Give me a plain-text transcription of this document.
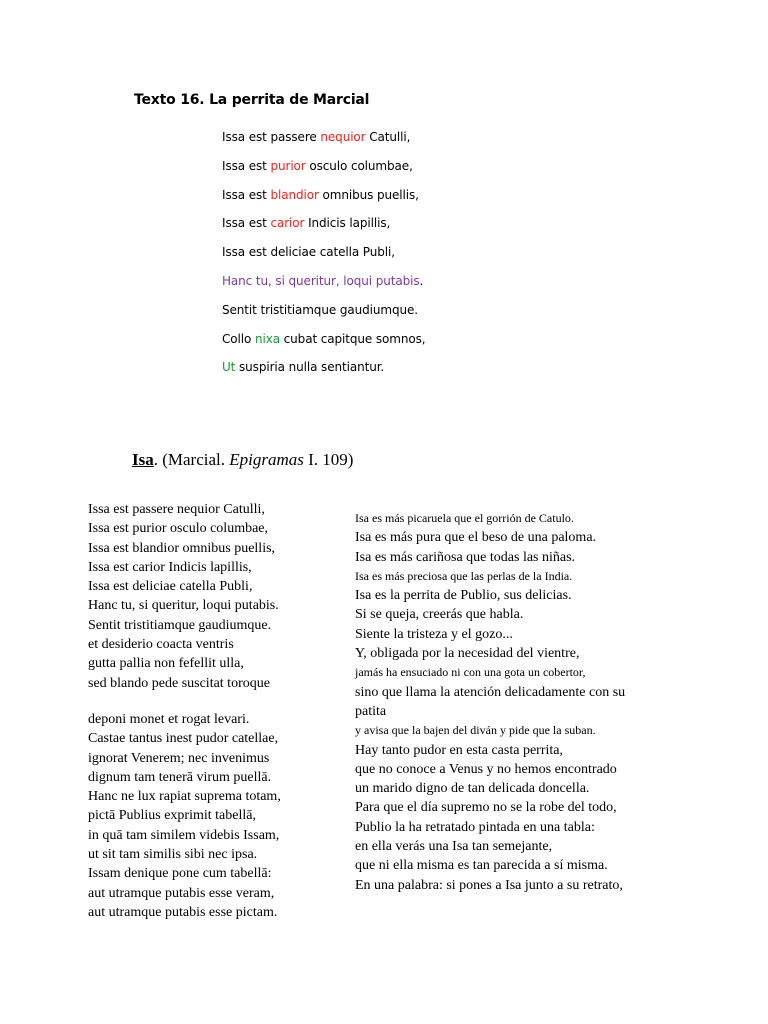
Texto 16. La perrita de Marcial
Issa est passere nequior Catulli,
Issa est purior osculo columbae,
Issa est blandior omnibus puellis,
Issa est carior Indicis lapillis,
Issa est deliciae catella Publi,
Hanc tu, si queritur, loqui putabis.
Sentit tristitiamque gaudiumque.
Collo nixa cubat capitque somnos,
Ut suspiria nulla sentiantur.
Isa. (Marcial. Epigramas I. 109)
Issa est passere nequior Catulli,
Issa est purior osculo columbae,
Issa est blandior omnibus puellis,
Issa est carior Indicis lapillis,
Issa est deliciae catella Publi,
Hanc tu, si queritur, loqui putabis.
Sentit tristitiamque gaudiumque.
et desiderio coacta ventris
gutta pallia non fefellit ulla,
sed blando pede suscitat toroque
deponi monet et rogat levari.
Castae tantus inest pudor catellae,
ignorat Venerem; nec invenimus
dignum tam tenerā virum puellā.
Hanc ne lux rapiat suprema totam,
pictā Publius exprimit tabellā,
in quā tam similem videbis Issam,
ut sit tam similis sibi nec ipsa.
Issam denique pone cum tabellā:
aut utramque putabis esse veram,
aut utramque putabis esse pictam.
Isa es más picaruela que el gorrión de Catulo.
Isa es más pura que el beso de una paloma.
Isa es más cariñosa que todas las niñas.
Isa es más preciosa que las perlas de la India.
Isa es la perrita de Publio, sus delicias.
Si se queja, creerás que habla.
Siente la tristeza y el gozo...
Y, obligada por la necesidad del vientre,
jamás ha ensuciado ni con una gota un cobertor,
sino que llama la atención delicadamente con su
patita
y avisa que la bajen del diván y pide que la suban.
Hay tanto pudor en esta casta perrita,
que no conoce a Venus y no hemos encontrado
un marido digno de tan delicada doncella.
Para que el día supremo no se la robe del todo,
Publio la ha retratado pintada en una tabla:
en ella verás una Isa tan semejante,
que ni ella misma es tan parecida a sí misma.
En una palabra: si pones a Isa junto a su retrato,
